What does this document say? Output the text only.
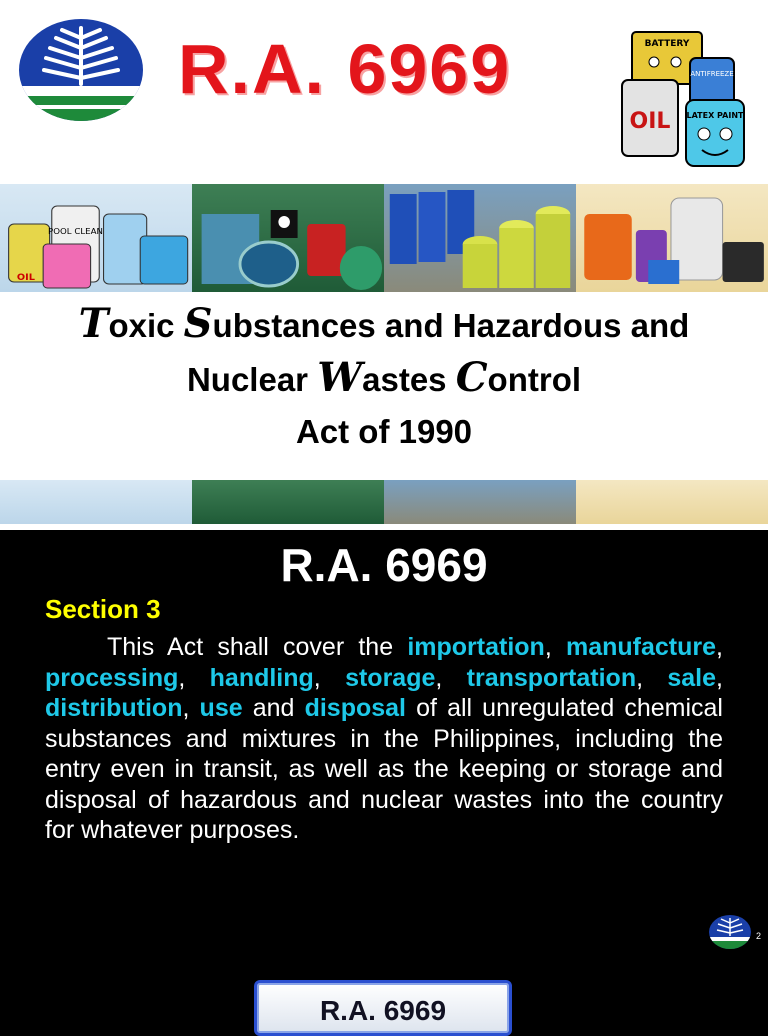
R.A. 6969	BATTERY
ANTIFREEZE
OIL LATEX PAINT
POOL CLEAN
OIL
Toxic Substances and Hazardous and
Nuclear Wastes Control
Act of 1990
R.A. 6969
Section 3
This Act shall cover the importation, manufacture, processing, handling, storage, transportation, sale, distribution, use and disposal of all unregulated chemical substances and mixtures in the Philippines, including the entry even in transit, as well as the keeping or storage and disposal of hazardous and nuclear wastes into the country for whatever purposes.
2
R.A. 6969
